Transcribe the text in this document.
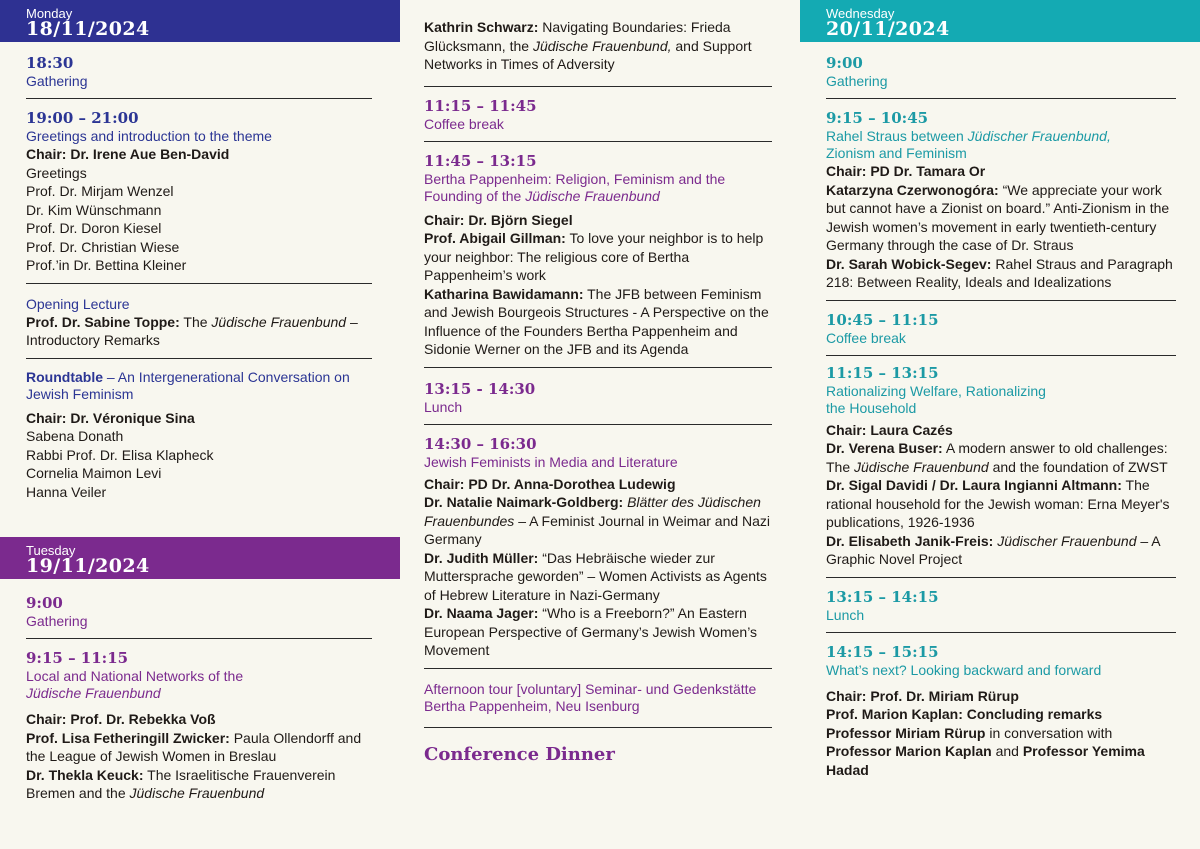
Monday
18/11/2024
18:30
Gathering
19:00 – 21:00
Greetings and introduction to the theme
Chair: Dr. Irene Aue Ben-David
Greetings
Prof. Dr. Mirjam Wenzel
Dr. Kim Wünschmann
Prof. Dr. Doron Kiesel
Prof. Dr. Christian Wiese
Prof.’in Dr. Bettina Kleiner
Opening Lecture
Prof. Dr. Sabine Toppe: The Jüdische Frauenbund – Introductory Remarks
Roundtable – An Intergenerational Conversation on Jewish Feminism
Chair: Dr. Véronique Sina
Sabena Donath
Rabbi Prof. Dr. Elisa Klapheck
Cornelia Maimon Levi
Hanna Veiler
Tuesday
19/11/2024
9:00
Gathering
9:15 – 11:15
Local and National Networks of the
Jüdische Frauenbund
Chair: Prof. Dr. Rebekka Voß
Prof. Lisa Fetheringill Zwicker: Paula Ollendorff and the League of Jewish Women in Breslau
Dr. Thekla Keuck: The Israelitische Frauenverein Bremen and the Jüdische Frauenbund
Kathrin Schwarz: Navigating Boundaries: Frieda Glücksmann, the Jüdische Frauenbund, and Support Networks in Times of Adversity
11:15 – 11:45
Coffee break
11:45 – 13:15
Bertha Pappenheim: Religion, Feminism and the Founding of the Jüdische Frauenbund
Chair: Dr. Björn Siegel
Prof. Abigail Gillman: To love your neighbor is to help your neighbor: The religious core of Bertha Pappenheim’s work
Katharina Bawidamann: The JFB between Feminism and Jewish Bourgeois Structures - A Perspective on the Influence of the Founders Bertha Pappenheim and Sidonie Werner on the JFB and its Agenda
13:15 - 14:30
Lunch
14:30 – 16:30
Jewish Feminists in Media and Literature
Chair: PD Dr. Anna-Dorothea Ludewig
Dr. Natalie Naimark-Goldberg: Blätter des Jüdischen Frauenbundes – A Feminist Journal in Weimar and Nazi Germany
Dr. Judith Müller: “Das Hebräische wieder zur Muttersprache geworden” – Women Activists as Agents of Hebrew Literature in Nazi-Germany
Dr. Naama Jager: “Who is a Freeborn?” An Eastern European Perspective of Germany’s Jewish Women’s Movement
Afternoon tour [voluntary] Seminar- und Gedenkstätte Bertha Pappenheim, Neu Isenburg
Conference Dinner
Wednesday
20/11/2024
9:00
Gathering
9:15 – 10:45
Rahel Straus between Jüdischer Frauenbund,
Zionism and Feminism
Chair: PD Dr. Tamara Or
Katarzyna Czerwonogóra: “We appreciate your work but cannot have a Zionist on board.” Anti-Zionism in the Jewish women’s movement in early twentieth-century Germany through the case of Dr. Straus
Dr. Sarah Wobick-Segev: Rahel Straus and Paragraph 218: Between Reality, Ideals and Idealizations
10:45 – 11:15
Coffee break
11:15 – 13:15
Rationalizing Welfare, Rationalizing
the Household
Chair: Laura Cazés
Dr. Verena Buser: A modern answer to old challenges: The Jüdische Frauenbund and the foundation of ZWST
Dr. Sigal Davidi / Dr. Laura Ingianni Altmann: The rational household for the Jewish woman: Erna Meyer's publications, 1926-1936
Dr. Elisabeth Janik-Freis: Jüdischer Frauenbund – A Graphic Novel Project
13:15 – 14:15
Lunch
14:15 – 15:15
What’s next? Looking backward and forward
Chair: Prof. Dr. Miriam Rürup
Prof. Marion Kaplan: Concluding remarks
Professor Miriam Rürup in conversation with
Professor Marion Kaplan and Professor Yemima Hadad
